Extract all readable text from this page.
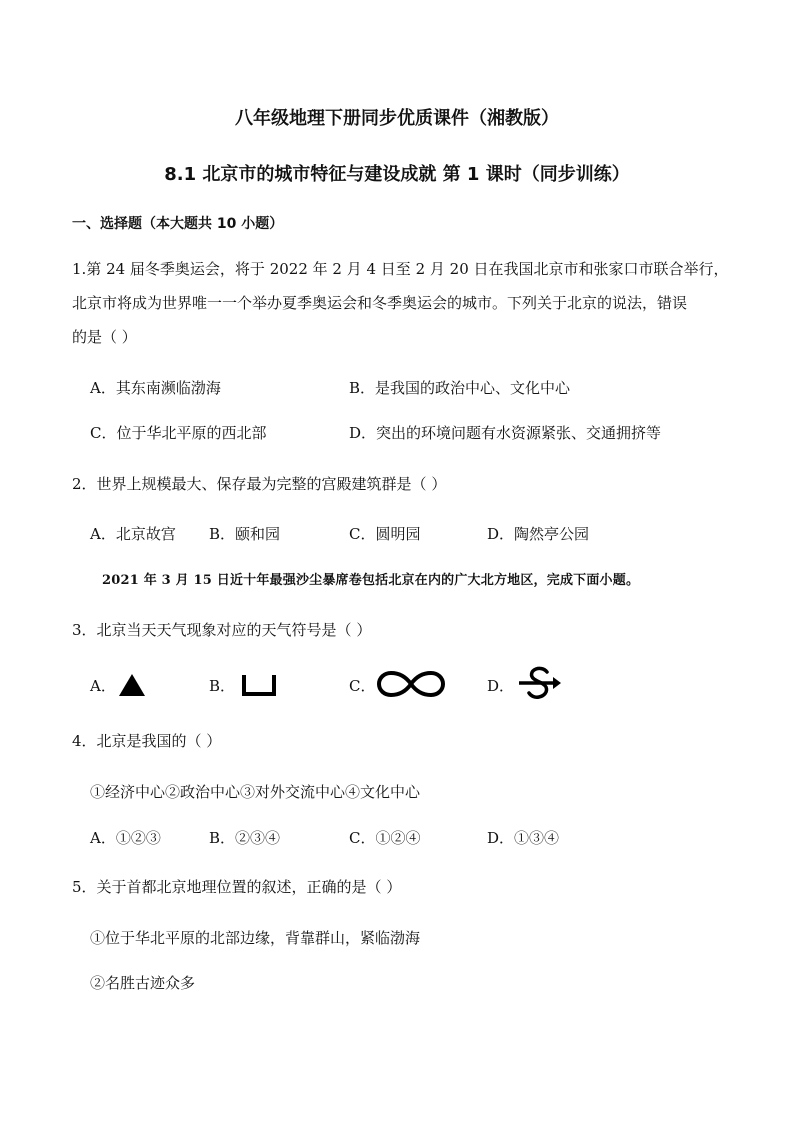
八年级地理下册同步优质课件（湘教版）
8.1 北京市的城市特征与建设成就 第 1 课时（同步训练）
一、选择题（本大题共 10 小题）
1.第 24 届冬季奥运会，将于 2022 年 2 月 4 日至 2 月 20 日在我国北京市和张家口市联合举行，
北京市将成为世界唯一一个举办夏季奥运会和冬季奥运会的城市。下列关于北京的说法，错误
的是（ ）
A．其东南濒临渤海	B．是我国的政治中心、文化中心
C．位于华北平原的西北部	D．突出的环境问题有水资源紧张、交通拥挤等
2．世界上规模最大、保存最为完整的宫殿建筑群是（ ）
A．北京故宫 B．颐和园	C．圆明园	D．陶然亭公园
2021 年 3 月 15 日近十年最强沙尘暴席卷包括北京在内的广大北方地区，完成下面小题。
3．北京当天天气现象对应的天气符号是（ ）
A．	B．	C．	D．
4．北京是我国的（ ）
①经济中心②政治中心③对外交流中心④文化中心
A．①②③	B．②③④	C．①②④	D．①③④
5．关于首都北京地理位置的叙述，正确的是（ ）
①位于华北平原的北部边缘，背靠群山，紧临渤海
②名胜古迹众多
